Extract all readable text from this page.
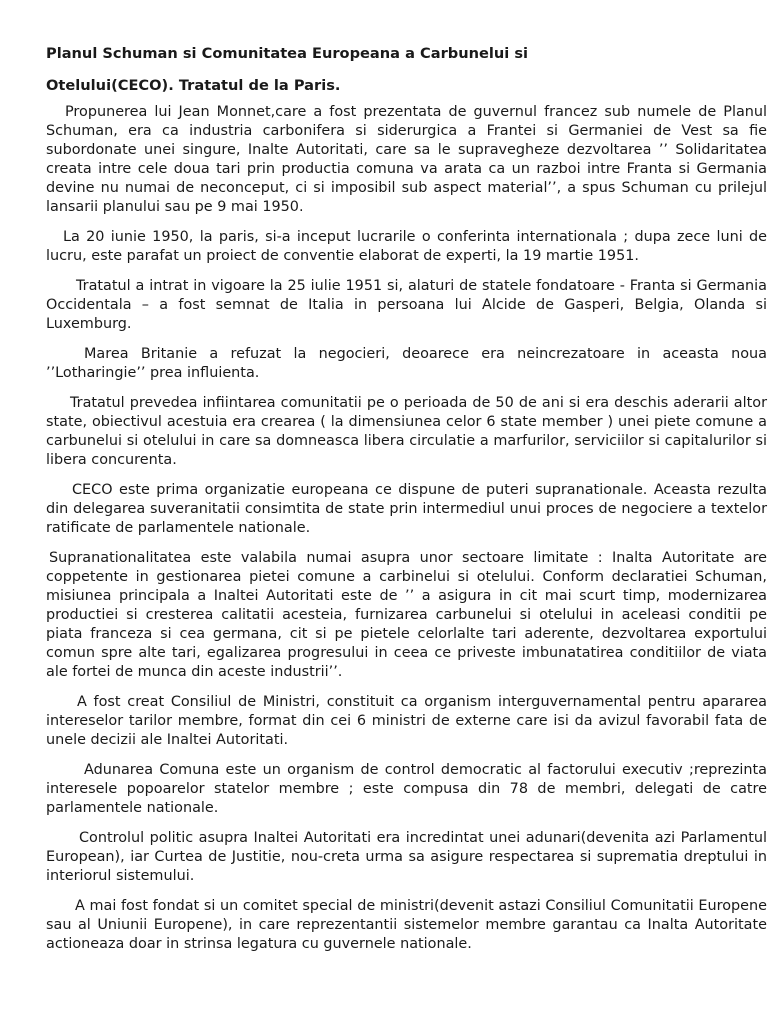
Planul Schuman si Comunitatea Europeana a Carbunelui si
Otelului(CECO). Tratatul de la Paris.

Propunerea lui Jean Monnet,care a fost prezentata de guvernul francez sub numele de Planul Schuman, era ca industria carbonifera si siderurgica a Frantei si Germaniei de Vest sa fie subordonate unei singure, Inalte Autoritati, care sa le supravegheze dezvoltarea ’’ Solidaritatea creata intre cele doua tari prin productia comuna va arata ca un razboi intre Franta si Germania devine nu numai de neconceput, ci si imposibil sub aspect material’’, a spus Schuman cu prilejul lansarii planului sau pe 9 mai 1950.

La 20 iunie 1950, la paris, si-a inceput lucrarile o conferinta internationala ; dupa zece luni de lucru, este parafat un proiect de conventie elaborat de experti, la 19 martie 1951.

Tratatul a intrat in vigoare la 25 iulie 1951 si, alaturi de statele fondatoare - Franta si Germania Occidentala – a fost semnat de Italia in persoana lui Alcide de Gasperi, Belgia, Olanda si Luxemburg.

Marea Britanie a refuzat la negocieri, deoarece era neincrezatoare in aceasta noua ’’Lotharingie’’ prea influienta.

Tratatul prevedea infiintarea comunitatii pe o perioada de 50 de ani si era deschis aderarii altor state, obiectivul acestuia era crearea ( la dimensiunea celor 6 state member ) unei piete comune a carbunelui si otelului in care sa domneasca libera circulatie a marfurilor, serviciilor si capitalurilor si libera concurenta.

CECO este prima organizatie europeana ce dispune de puteri supranationale. Aceasta rezulta din delegarea suveranitatii consimtita de state prin intermediul unui proces de negociere a textelor ratificate de parlamentele nationale.

Supranationalitatea este valabila numai asupra unor sectoare limitate : Inalta Autoritate are coppetente in gestionarea pietei comune a carbinelui si otelului. Conform declaratiei Schuman, misiunea principala a Inaltei Autoritati este de ’’ a asigura in cit mai scurt timp, modernizarea productiei si cresterea calitatii acesteia, furnizarea carbunelui si otelului in aceleasi conditii pe piata franceza si cea germana, cit si pe pietele celorlalte tari aderente, dezvoltarea exportului comun spre alte tari, egalizarea progresului in ceea ce priveste imbunatatirea conditiilor de viata ale fortei de munca din aceste industrii’’.

A fost creat Consiliul de Ministri, constituit ca organism interguvernamental pentru apararea intereselor tarilor membre, format din cei 6 ministri de externe care isi da avizul favorabil fata de unele decizii ale Inaltei Autoritati.

Adunarea Comuna este un organism de control democratic al factorului executiv ;reprezinta interesele popoarelor statelor membre ; este compusa din 78 de membri, delegati de catre parlamentele nationale.

Controlul politic asupra Inaltei Autoritati era incredintat unei adunari(devenita azi Parlamentul European), iar Curtea de Justitie, nou-creta urma sa asigure respectarea si suprematia dreptului in interiorul sistemului.

A mai fost fondat si un comitet special de ministri(devenit astazi Consiliul Comunitatii Europene sau al Uniunii Europene), in care reprezentantii sistemelor membre garantau ca Inalta Autoritate actioneaza doar in strinsa legatura cu guvernele nationale.
